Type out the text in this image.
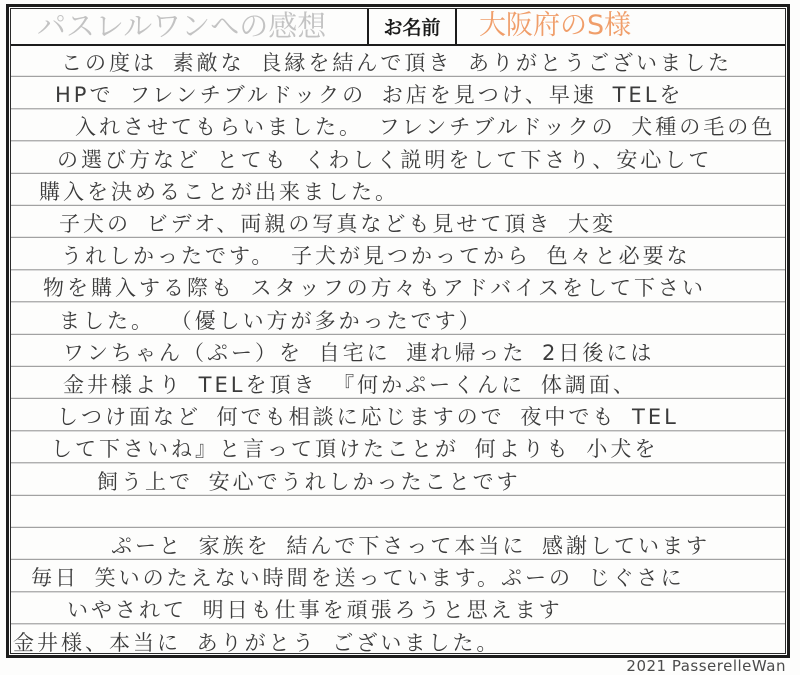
パスレルワンへの感想	お名前	大阪府のS様
この度は 素敵な 良縁を結んで頂き ありがとうございました
HPで フレンチブルドックの お店を見つけ、早速 TELを
入れさせてもらいました。 フレンチブルドックの 犬種の毛の色
の選び方など とても くわしく説明をして下さり、安心して
購入を決めることが出来ました。
子犬の ビデオ、両親の写真なども見せて頂き 大変
うれしかったです。 子犬が見つかってから 色々と必要な
物を購入する際も スタッフの方々もアドバイスをして下さい
ました。 （優しい方が多かったです）
ワンちゃん（ぷー）を 自宅に 連れ帰った 2日後には
金井様より TELを頂き 『何かぷーくんに 体調面、
しつけ面など 何でも相談に応じますので 夜中でも TEL
して下さいね』と言って頂けたことが 何よりも 小犬を
飼う上で 安心でうれしかったことです
ぷーと 家族を 結んで下さって本当に 感謝しています
毎日 笑いのたえない時間を送っています。ぷーの じぐさに
いやされて 明日も仕事を頑張ろうと思えます
金井様、本当に ありがとう ございました。
2021 PasserelleWan
